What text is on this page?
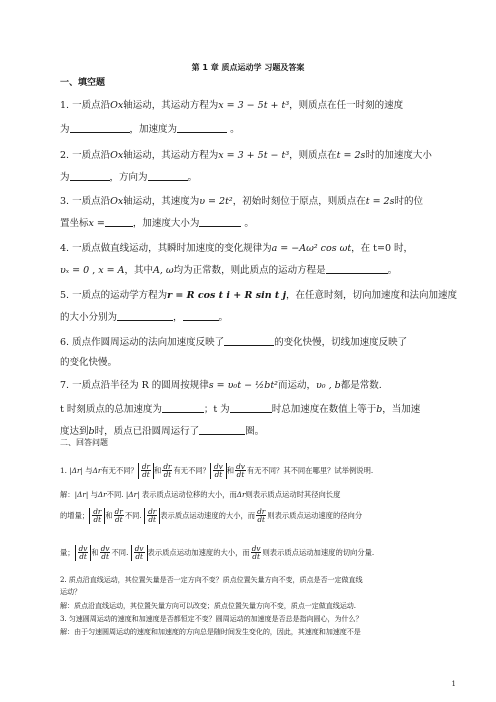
第 1 章 质点运动学 习题及答案
一、填空题
1. 一质点沿Ox轴运动，其运动方程为x = 3 − 5t + t³，则质点在任一时刻的速度
为	，加速度为	。
2. 一质点沿Ox轴运动，其运动方程为x = 3 + 5t − t³，则质点在t = 2s时的加速度大小
为	，方向为	。
3. 一质点沿Ox轴运动，其速度为υ = 2t²，初始时刻位于原点，则质点在t = 2s时的位
置坐标x =	，加速度大小为	。
4. 一质点做直线运动，其瞬时加速度的变化规律为a = −Aω² cos ωt，在 t=0 时，
υₓ = 0 , x = A，其中A, ω均为正常数，则此质点的运动方程是	。
5. 一质点的运动学方程为r = R cos t i + R sin t j，在任意时刻，切向加速度和法向加速度
的大小分别为	，	。
6. 质点作圆周运动的法向加速度反映了	的变化快慢，切线加速度反映了
的变化快慢。
7. 一质点沿半径为 R 的圆周按规律s = υ₀t − ½bt²而运动，υ₀ , b都是常数.
t 时刻质点的总加速度为	；t 为	时总加速度在数值上等于b，当加速
度达到b时，质点已沿圆周运行了	圈。
二、回答问题
1. |Δr| 与Δr有无不同？ $\frac{dr}{dt}$ 和 $\frac{dr}{dt}$ 有无不同？ $\frac{dv}{dt}$ 和 $\frac{dv}{dt}$ 有无不同？其不同在哪里？试举例说明.
解：|Δr| 与Δr不同. |Δr| 表示质点运动位移的大小，而Δr则表示质点运动时其径向长度
的增量； $\frac{dr}{dt}$ 和 $\frac{dr}{dt}$ 不同. $\frac{dr}{dt}$ 表示质点运动速度的大小，而 $\frac{dr}{dt}$ 则表示质点运动速度的径向分
量； $\frac{dv}{dt}$ 和 $\frac{dv}{dt}$ 不同. $\frac{dv}{dt}$ 表示质点运动加速度的大小，而 $\frac{dv}{dt}$ 则表示质点运动加速度的切向分量.
2. 质点沿直线运动，其位置矢量是否一定方向不变？质点位置矢量方向不变，质点是否一定做直线
运动？
解：质点沿直线运动，其位置矢量方向可以改变；质点位置矢量方向不变，质点一定做直线运动.
3. 匀速圆周运动的速度和加速度是否都恒定不变？圆周运动的加速度是否总是指向圆心，为什么？
解：由于匀速圆周运动的速度和加速度的方向总是随时间发生变化的，因此，其速度和加速度不是
1
